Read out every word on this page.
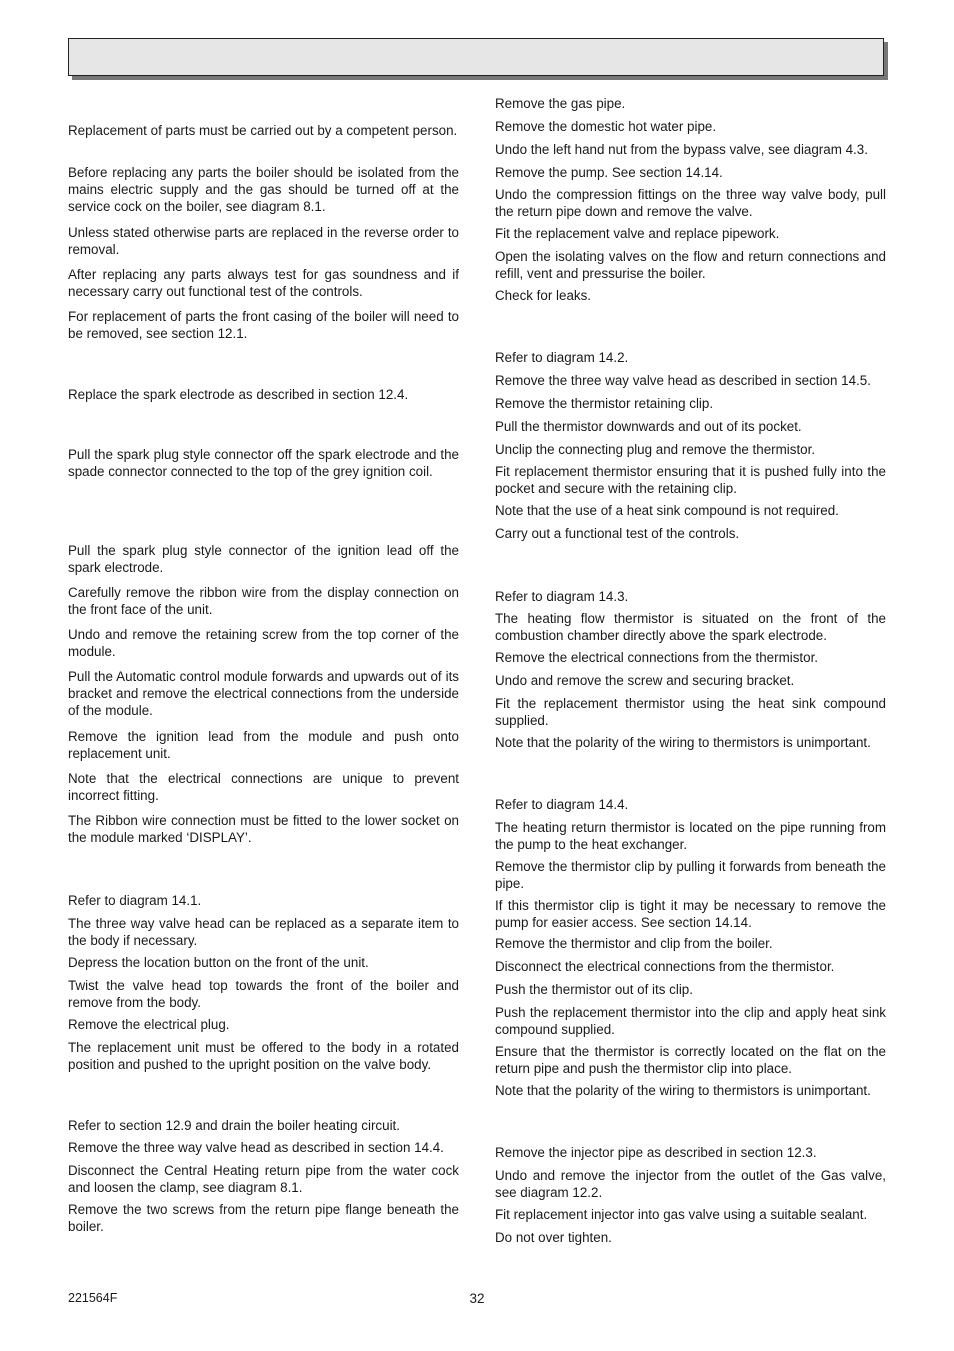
Replacement of parts must be carried out by a competent person.

Before replacing any parts the boiler should be isolated from the mains electric supply and the gas should be turned off at the service cock on the boiler, see diagram 8.1.

Unless stated otherwise parts are replaced in the reverse order to removal.

After replacing any parts always test for gas soundness and if necessary carry out functional test of the controls.

For replacement of parts the front casing of the boiler will need to be removed, see section 12.1.

Replace the spark electrode as described in section 12.4.

Pull the spark plug style connector off the spark electrode and the spade connector connected to the top of the grey ignition coil.

Pull the spark plug style connector of the ignition lead off the spark electrode.

Carefully remove the ribbon wire from the display connection on the front face of the unit.

Undo and remove the retaining screw from the top corner of the module.

Pull the Automatic control module forwards and upwards out of its bracket and remove the electrical connections from the underside of the module.

Remove the ignition lead from the module and push onto replacement unit.

Note that the electrical connections are unique to prevent incorrect fitting.

The Ribbon wire connection must be fitted to the lower socket on the module marked ‘DISPLAY’.

Refer to diagram 14.1.

The three way valve head can be replaced as a separate item to the body if necessary.

Depress the location button on the front of the unit.

Twist the valve head top towards the front of the boiler and remove from the body.

Remove the electrical plug.

The replacement unit must be offered to the body in a rotated position and pushed to the upright position on the valve body.

Refer to section 12.9 and drain the boiler heating circuit.

Remove the three way valve head as described in section 14.4.

Disconnect the Central Heating return pipe from the water cock and loosen the clamp, see diagram 8.1.

Remove the two screws from the return pipe flange beneath the boiler.

Remove the gas pipe.

Remove the domestic hot water pipe.

Undo the left hand nut from the bypass valve, see diagram 4.3.

Remove the pump. See section 14.14.

Undo the compression fittings on the three way valve body, pull the return pipe down and remove the valve.

Fit the replacement valve and replace pipework.

Open the isolating valves on the flow and return connections and refill, vent and pressurise the boiler.

Check for leaks.

Refer to diagram 14.2.

Remove the three way valve head as described in section 14.5.

Remove the thermistor retaining clip.

Pull the thermistor downwards and out of its pocket.

Unclip the connecting plug and remove the thermistor.

Fit replacement thermistor ensuring that it is pushed fully into the pocket and secure with the retaining clip.

Note that the use of a heat sink compound is not required.

Carry out a functional test of the controls.

Refer to diagram 14.3.

The heating flow thermistor is situated on the front of the combustion chamber directly above the spark electrode.

Remove the electrical connections from the thermistor.

Undo and remove the screw and securing bracket.

Fit the replacement thermistor using the heat sink compound supplied.

Note that the polarity of the wiring to thermistors is unimportant.

Refer to diagram 14.4.

The heating return thermistor is located on the pipe running from the pump to the heat exchanger.

Remove the thermistor clip by pulling it forwards from beneath the pipe.

If this thermistor clip is tight it may be necessary to remove the pump for easier access. See section 14.14.

Remove the thermistor and clip from the boiler.

Disconnect the electrical connections from the thermistor.

Push the thermistor out of its clip.

Push the replacement thermistor into the clip and apply heat sink compound supplied.

Ensure that the thermistor is correctly located on the flat on the return pipe and push the thermistor clip into place.

Note that the polarity of the wiring to thermistors is unimportant.

Remove the injector pipe as described in section 12.3.

Undo and remove the injector from the outlet of the Gas valve, see diagram 12.2.

Fit replacement injector into gas valve using a suitable sealant.

Do not over tighten.

221564F	32
